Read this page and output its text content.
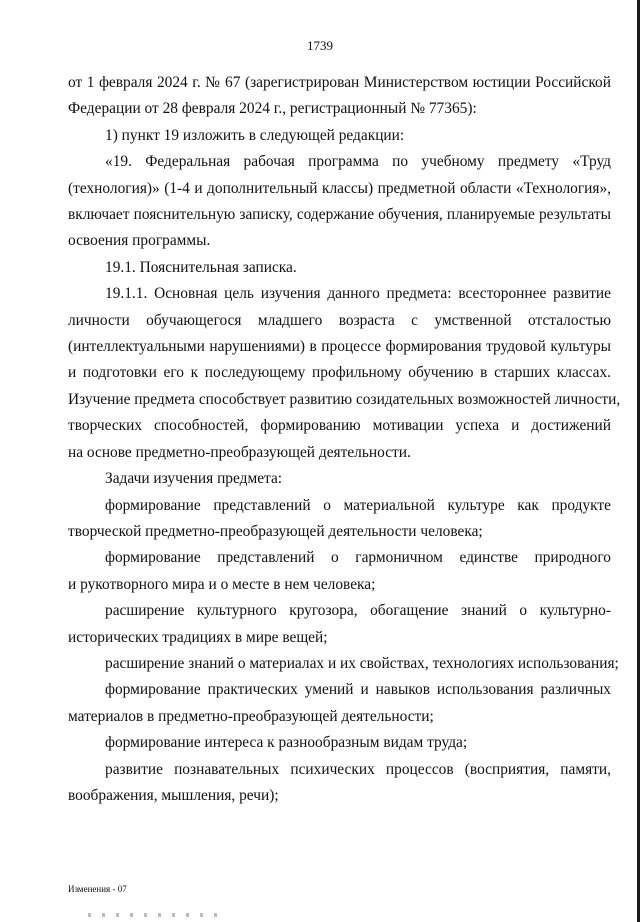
1739
от 1 февраля 2024 г. № 67 (зарегистрирован Министерством юстиции Российской
Федерации от 28 февраля 2024 г., регистрационный № 77365):
1) пункт 19 изложить в следующей редакции:
«19. Федеральная рабочая программа по учебному предмету «Труд
(технология)» (1-4 и дополнительный классы) предметной области «Технология»,
включает пояснительную записку, содержание обучения, планируемые результаты
освоения программы.
19.1. Пояснительная записка.
19.1.1. Основная цель изучения данного предмета: всестороннее развитие
личности обучающегося младшего возраста с умственной отсталостью
(интеллектуальными нарушениями) в процессе формирования трудовой культуры
и подготовки его к последующему профильному обучению в старших классах.
Изучение предмета способствует развитию созидательных возможностей личности,
творческих способностей, формированию мотивации успеха и достижений
на основе предметно-преобразующей деятельности.
Задачи изучения предмета:
формирование представлений о материальной культуре как продукте
творческой предметно-преобразующей деятельности человека;
формирование представлений о гармоничном единстве природного
и рукотворного мира и о месте в нем человека;
расширение культурного кругозора, обогащение знаний о культурно-
исторических традициях в мире вещей;
расширение знаний о материалах и их свойствах, технологиях использования;
формирование практических умений и навыков использования различных
материалов в предметно-преобразующей деятельности;
формирование интереса к разнообразным видам труда;
развитие познавательных психических процессов (восприятия, памяти,
воображения, мышления, речи);
Изменения - 07
